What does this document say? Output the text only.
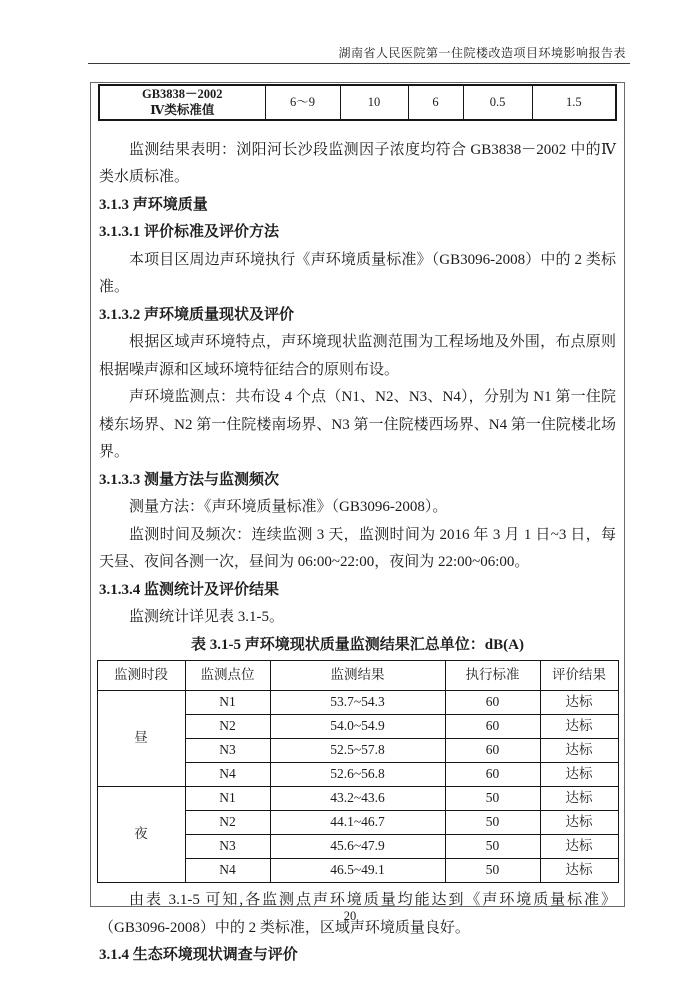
湖南省人民医院第一住院楼改造项目环境影响报告表
GB3838－2002
Ⅳ类标准值	6～9	10	6	0.5	1.5

监测结果表明：浏阳河长沙段监测因子浓度均符合 GB3838－2002 中的Ⅳ类水质标准。

3.1.3 声环境质量

3.1.3.1 评价标准及评价方法

本项目区周边声环境执行《声环境质量标准》（GB3096-2008）中的 2 类标准。

3.1.3.2 声环境质量现状及评价

根据区域声环境特点，声环境现状监测范围为工程场地及外围，布点原则根据噪声源和区域环境特征结合的原则布设。

声环境监测点：共布设 4 个点（N1、N2、N3、N4），分别为 N1 第一住院楼东场界、N2 第一住院楼南场界、N3 第一住院楼西场界、N4 第一住院楼北场界。

3.1.3.3 测量方法与监测频次

测量方法：《声环境质量标准》（GB3096-2008）。

监测时间及频次：连续监测 3 天，监测时间为 2016 年 3 月 1 日~3 日，每天昼、夜间各测一次，昼间为 06:00~22:00，夜间为 22:00~06:00。

3.1.3.4 监测统计及评价结果

监测统计详见表 3.1-5。

表 3.1-5 声环境现状质量监测结果汇总单位：dB(A)

监测时段	监测点位	监测结果	执行标准	评价结果
昼	N1	53.7~54.3	60	达标
	N2	54.0~54.9	60	达标
	N3	52.5~57.8	60	达标
	N4	52.6~56.8	60	达标
夜	N1	43.2~43.6	50	达标
	N2	44.1~46.7	50	达标
	N3	45.6~47.9	50	达标
	N4	46.5~49.1	50	达标

由表 3.1-5 可知,各监测点声环境质量均能达到《声环境质量标准》（GB3096-2008）中的 2 类标准，区域声环境质量良好。

3.1.4 生态环境现状调查与评价

20
